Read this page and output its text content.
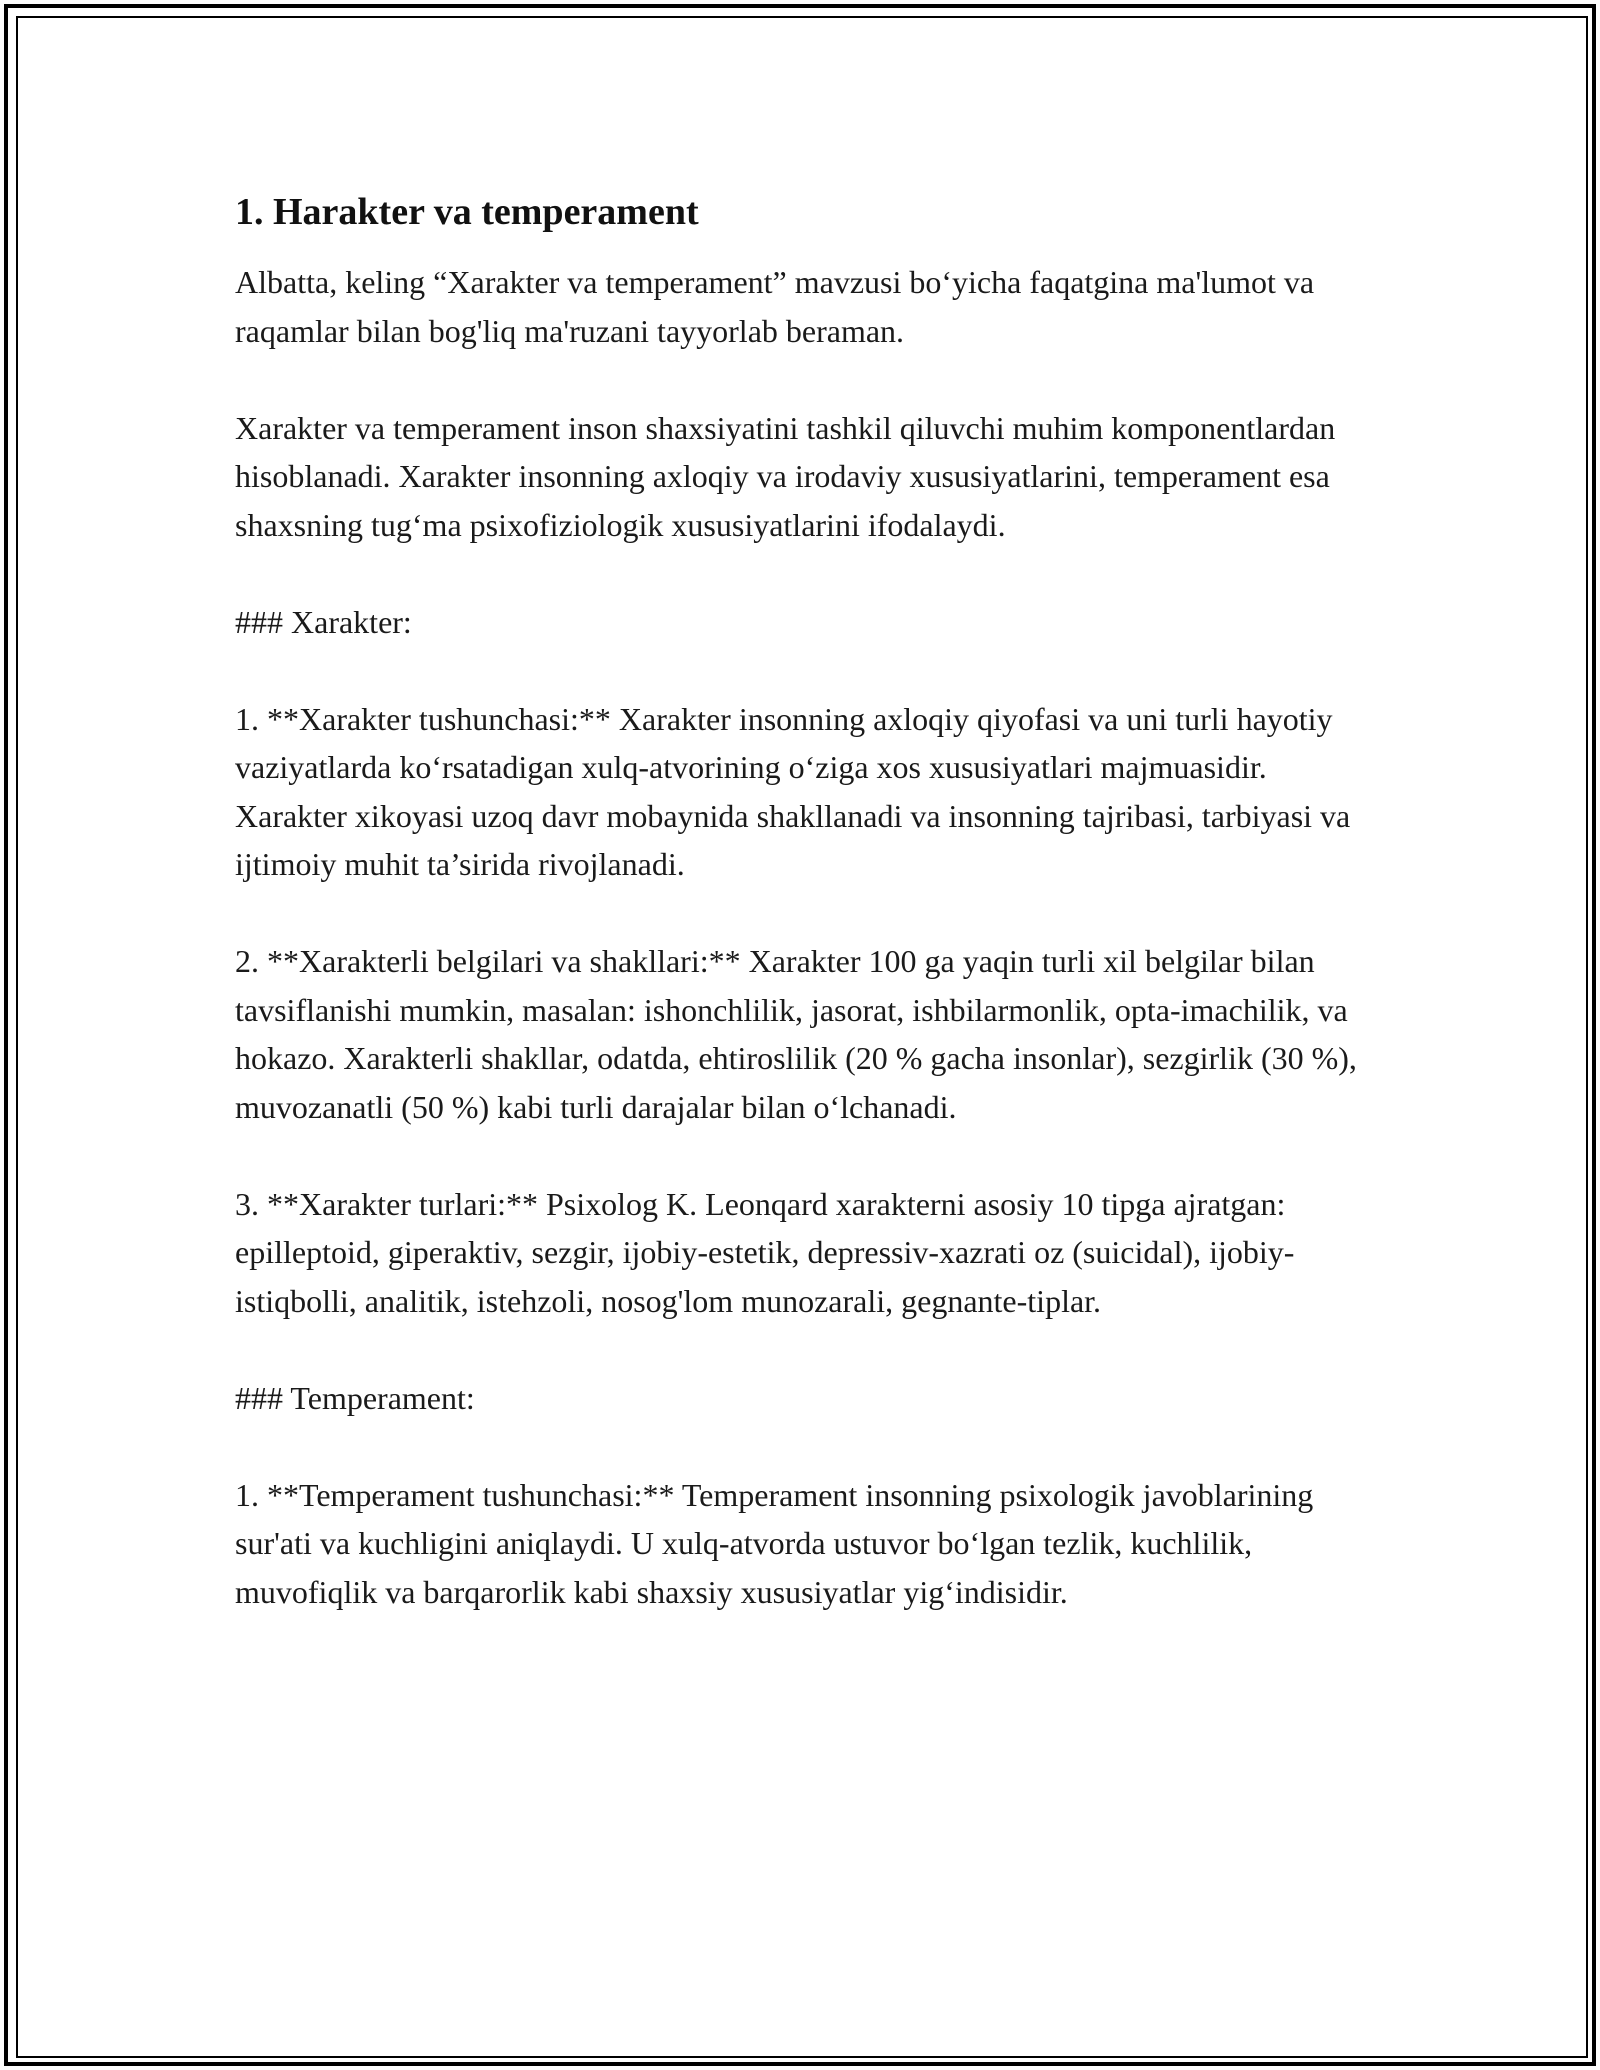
1. Harakter va temperament

Albatta, keling “Xarakter va temperament” mavzusi bo‘yicha faqatgina ma'lumot va raqamlar bilan bog'liq ma'ruzani tayyorlab beraman.

Xarakter va temperament inson shaxsiyatini tashkil qiluvchi muhim komponentlardan hisoblanadi. Xarakter insonning axloqiy va irodaviy xususiyatlarini, temperament esa shaxsning tug‘ma psixofiziologik xususiyatlarini ifodalaydi.

### Xarakter:

1. **Xarakter tushunchasi:** Xarakter insonning axloqiy qiyofasi va uni turli hayotiy vaziyatlarda ko‘rsatadigan xulq-atvorining o‘ziga xos xususiyatlari majmuasidir. Xarakter xikoyasi uzoq davr mobaynida shakllanadi va insonning tajribasi, tarbiyasi va ijtimoiy muhit ta’sirida rivojlanadi.

2. **Xarakterli belgilari va shakllari:** Xarakter 100 ga yaqin turli xil belgilar bilan tavsiflanishi mumkin, masalan: ishonchlilik, jasorat, ishbilarmonlik, opta-imachilik, va hokazo. Xarakterli shakllar, odatda, ehtiroslilik (20 % gacha insonlar), sezgirlik (30 %), muvozanatli (50 %) kabi turli darajalar bilan o‘lchanadi.

3. **Xarakter turlari:** Psixolog K. Leonqard xarakterni asosiy 10 tipga ajratgan: epilleptoid, giperaktiv, sezgir, ijobiy-estetik, depressiv-xazrati oz (suicidal), ijobiy-istiqbolli, analitik, istehzoli, nosog'lom munozarali, gegnante-tiplar.

### Temperament:

1. **Temperament tushunchasi:** Temperament insonning psixologik javoblarining sur'ati va kuchligini aniqlaydi. U xulq-atvorda ustuvor bo‘lgan tezlik, kuchlilik, muvofiqlik va barqarorlik kabi shaxsiy xususiyatlar yig‘indisidir.
